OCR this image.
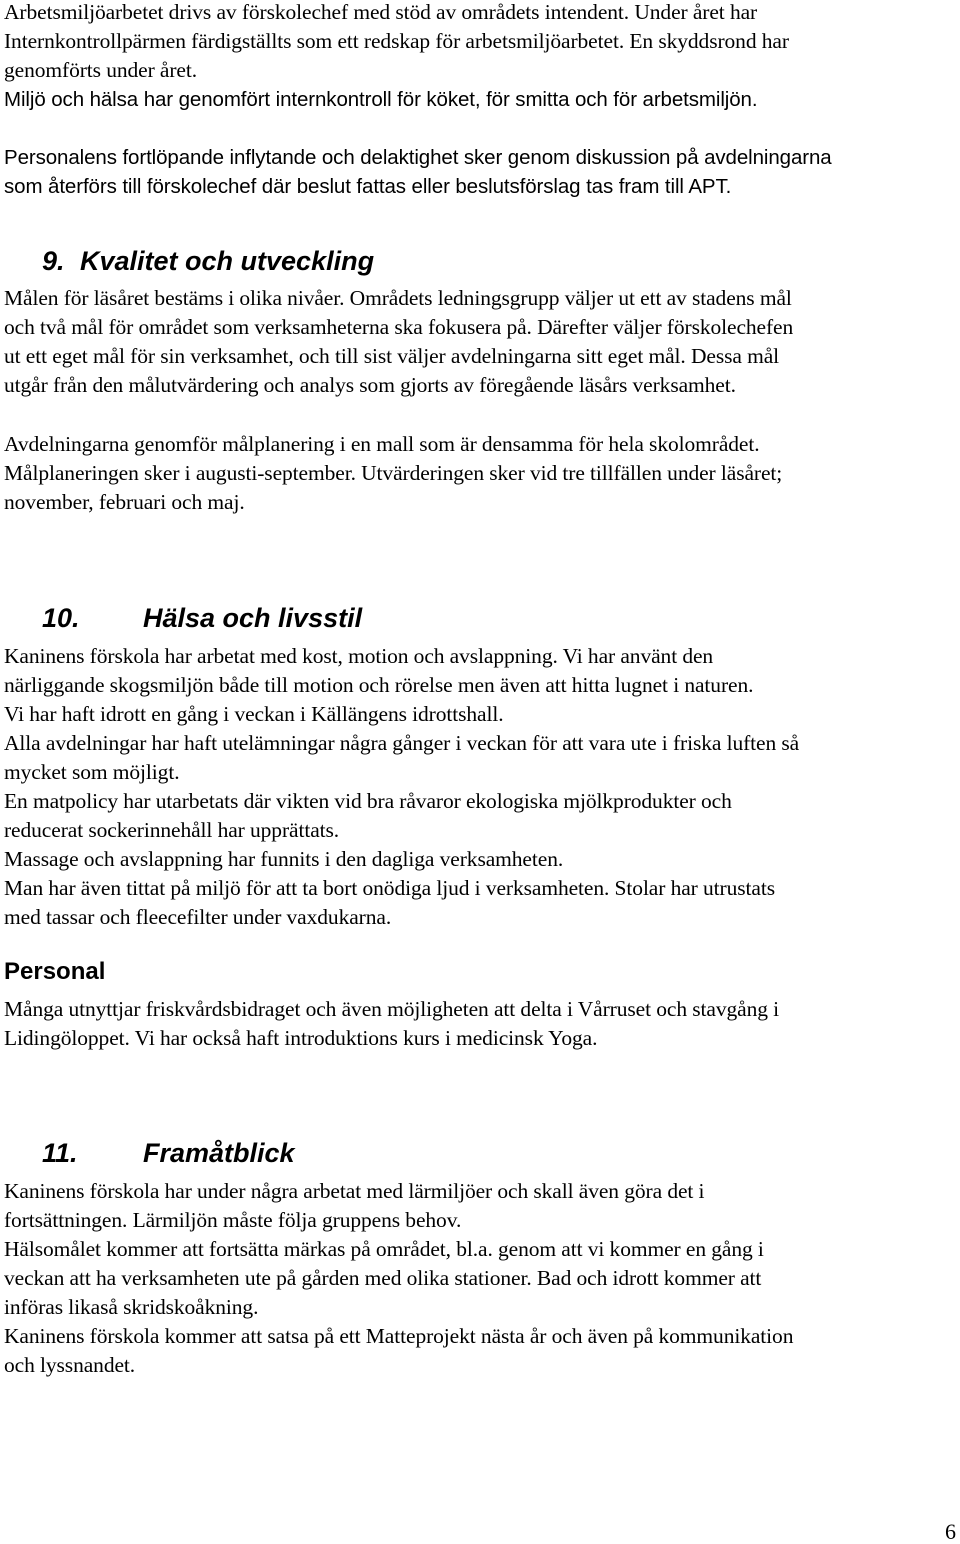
Arbetsmiljöarbetet drivs av förskolechef med stöd av områdets intendent. Under året har
Internkontrollpärmen färdigställts som ett redskap för arbetsmiljöarbetet. En skyddsrond har
genomförts under året.
Miljö och hälsa har genomfört internkontroll för köket, för smitta och för arbetsmiljön.
Personalens fortlöpande inflytande och delaktighet sker genom diskussion på avdelningarna
som återförs till förskolechef där beslut fattas eller beslutsförslag tas fram till APT.
9. Kvalitet och utveckling
Målen för läsåret bestäms i olika nivåer. Områdets ledningsgrupp väljer ut ett av stadens mål
och två mål för området som verksamheterna ska fokusera på. Därefter väljer förskolechefen
ut ett eget mål för sin verksamhet, och till sist väljer avdelningarna sitt eget mål. Dessa mål
utgår från den målutvärdering och analys som gjorts av föregående läsårs verksamhet.
Avdelningarna genomför målplanering i en mall som är densamma för hela skolområdet.
Målplaneringen sker i augusti-september. Utvärderingen sker vid tre tillfällen under läsåret;
november, februari och maj.
10. Hälsa och livsstil
Kaninens förskola har arbetat med kost, motion och avslappning. Vi har använt den
närliggande skogsmiljön både till motion och rörelse men även att hitta lugnet i naturen.
Vi har haft idrott en gång i veckan i Källängens idrottshall.
Alla avdelningar har haft utelämningar några gånger i veckan för att vara ute i friska luften så
mycket som möjligt.
En matpolicy har utarbetats där vikten vid bra råvaror ekologiska mjölkprodukter och
reducerat sockerinnehåll har upprättats.
Massage och avslappning har funnits i den dagliga verksamheten.
Man har även tittat på miljö för att ta bort onödiga ljud i verksamheten. Stolar har utrustats
med tassar och fleecefilter under vaxdukarna.
Personal
Många utnyttjar friskvårdsbidraget och även möjligheten att delta i Vårruset och stavgång i
Lidingöloppet. Vi har också haft introduktions kurs i medicinsk Yoga.
11. Framåtblick
Kaninens förskola har under några arbetat med lärmiljöer och skall även göra det i
fortsättningen. Lärmiljön måste följa gruppens behov.
Hälsomålet kommer att fortsätta märkas på området, bl.a. genom att vi kommer en gång i
veckan att ha verksamheten ute på gården med olika stationer. Bad och idrott kommer att
införas likaså skridskoåkning.
Kaninens förskola kommer att satsa på ett Matteprojekt nästa år och även på kommunikation
och lyssnandet.
6
